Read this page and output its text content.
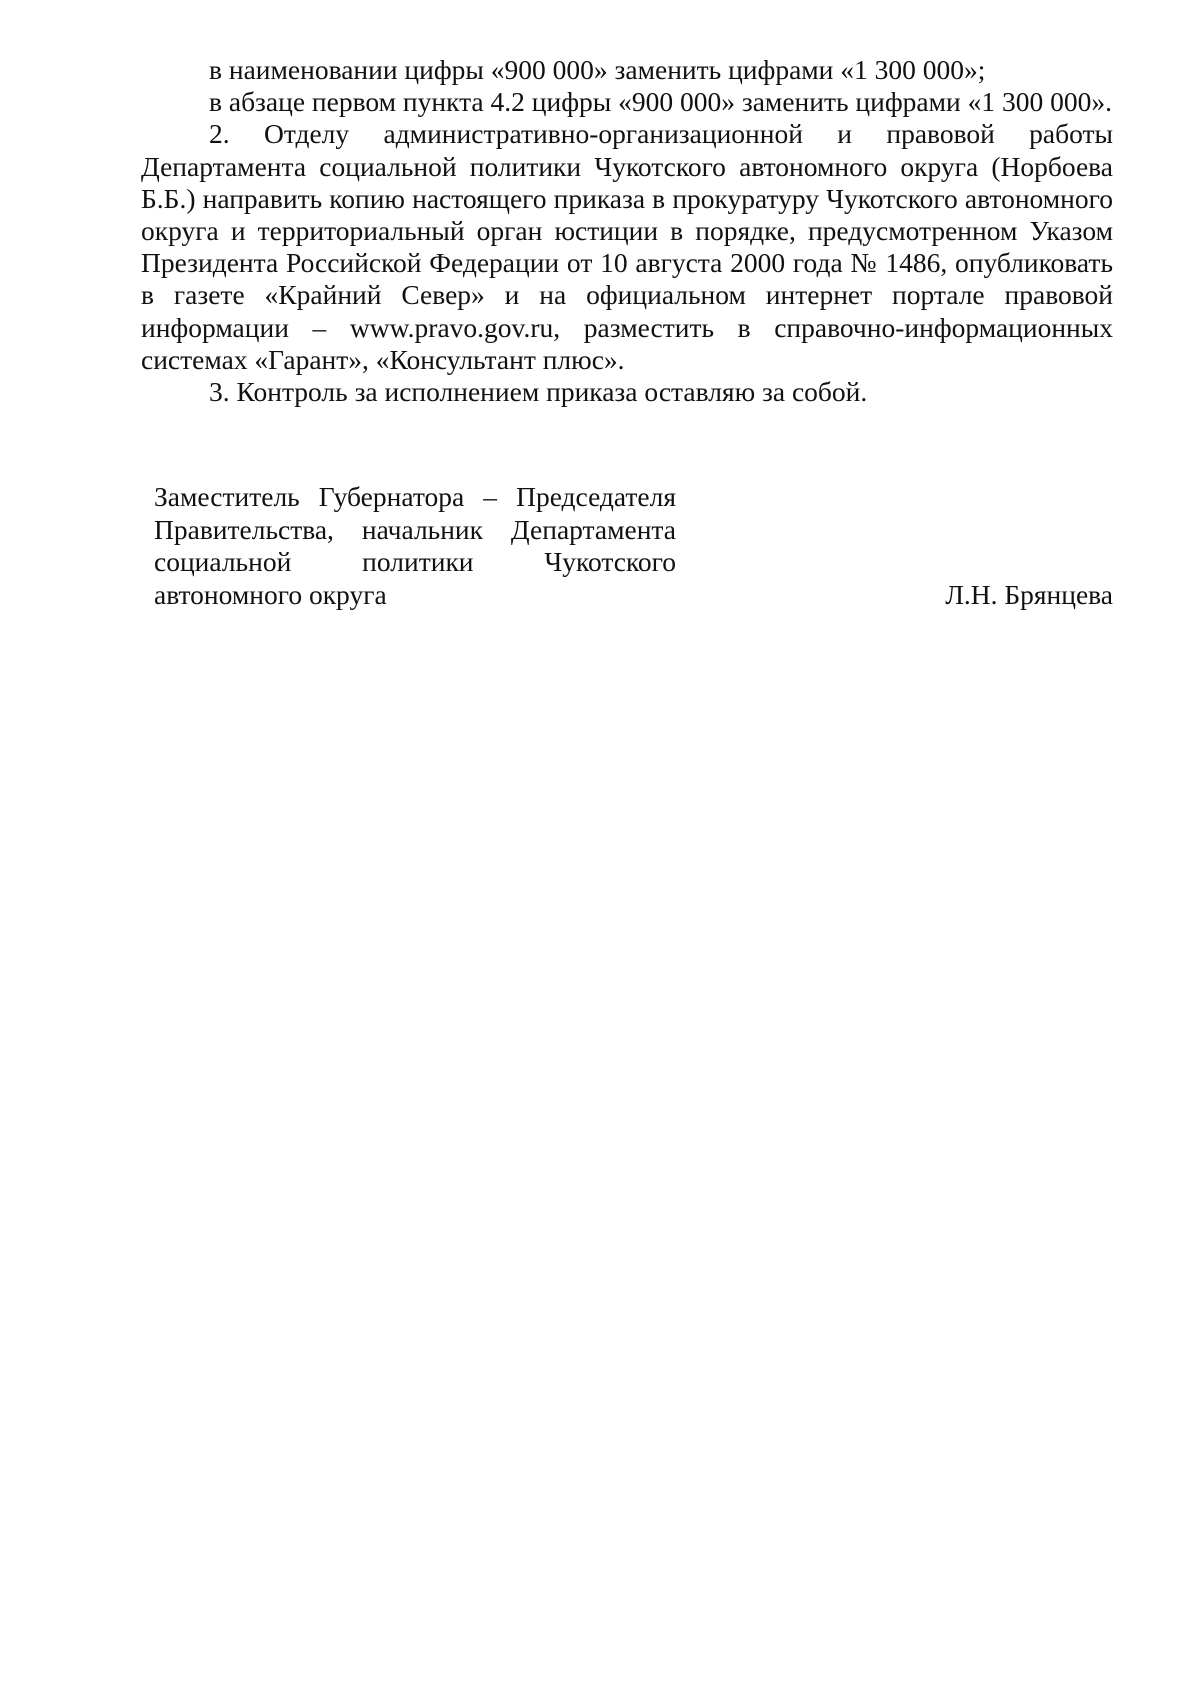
в наименовании цифры «900 000» заменить цифрами «1 300 000»;

в абзаце первом пункта 4.2 цифры «900 000» заменить цифрами «1 300 000».

2. Отделу административно-организационной и правовой работы Департамента социальной политики Чукотского автономного округа (Норбоева Б.Б.) направить копию настоящего приказа в прокуратуру Чукотского автономного округа и территориальный орган юстиции в порядке, предусмотренном Указом Президента Российской Федерации от 10 августа 2000 года № 1486, опубликовать в газете «Крайний Север» и на официальном интернет портале правовой информации – www.pravo.gov.ru, разместить в справочно-информационных системах «Гарант», «Консультант плюс».

3. Контроль за исполнением приказа оставляю за собой.

Заместитель Губернатора – Председателя Правительства, начальник Департамента социальной политики Чукотского автономного округа	Л.Н. Брянцева
